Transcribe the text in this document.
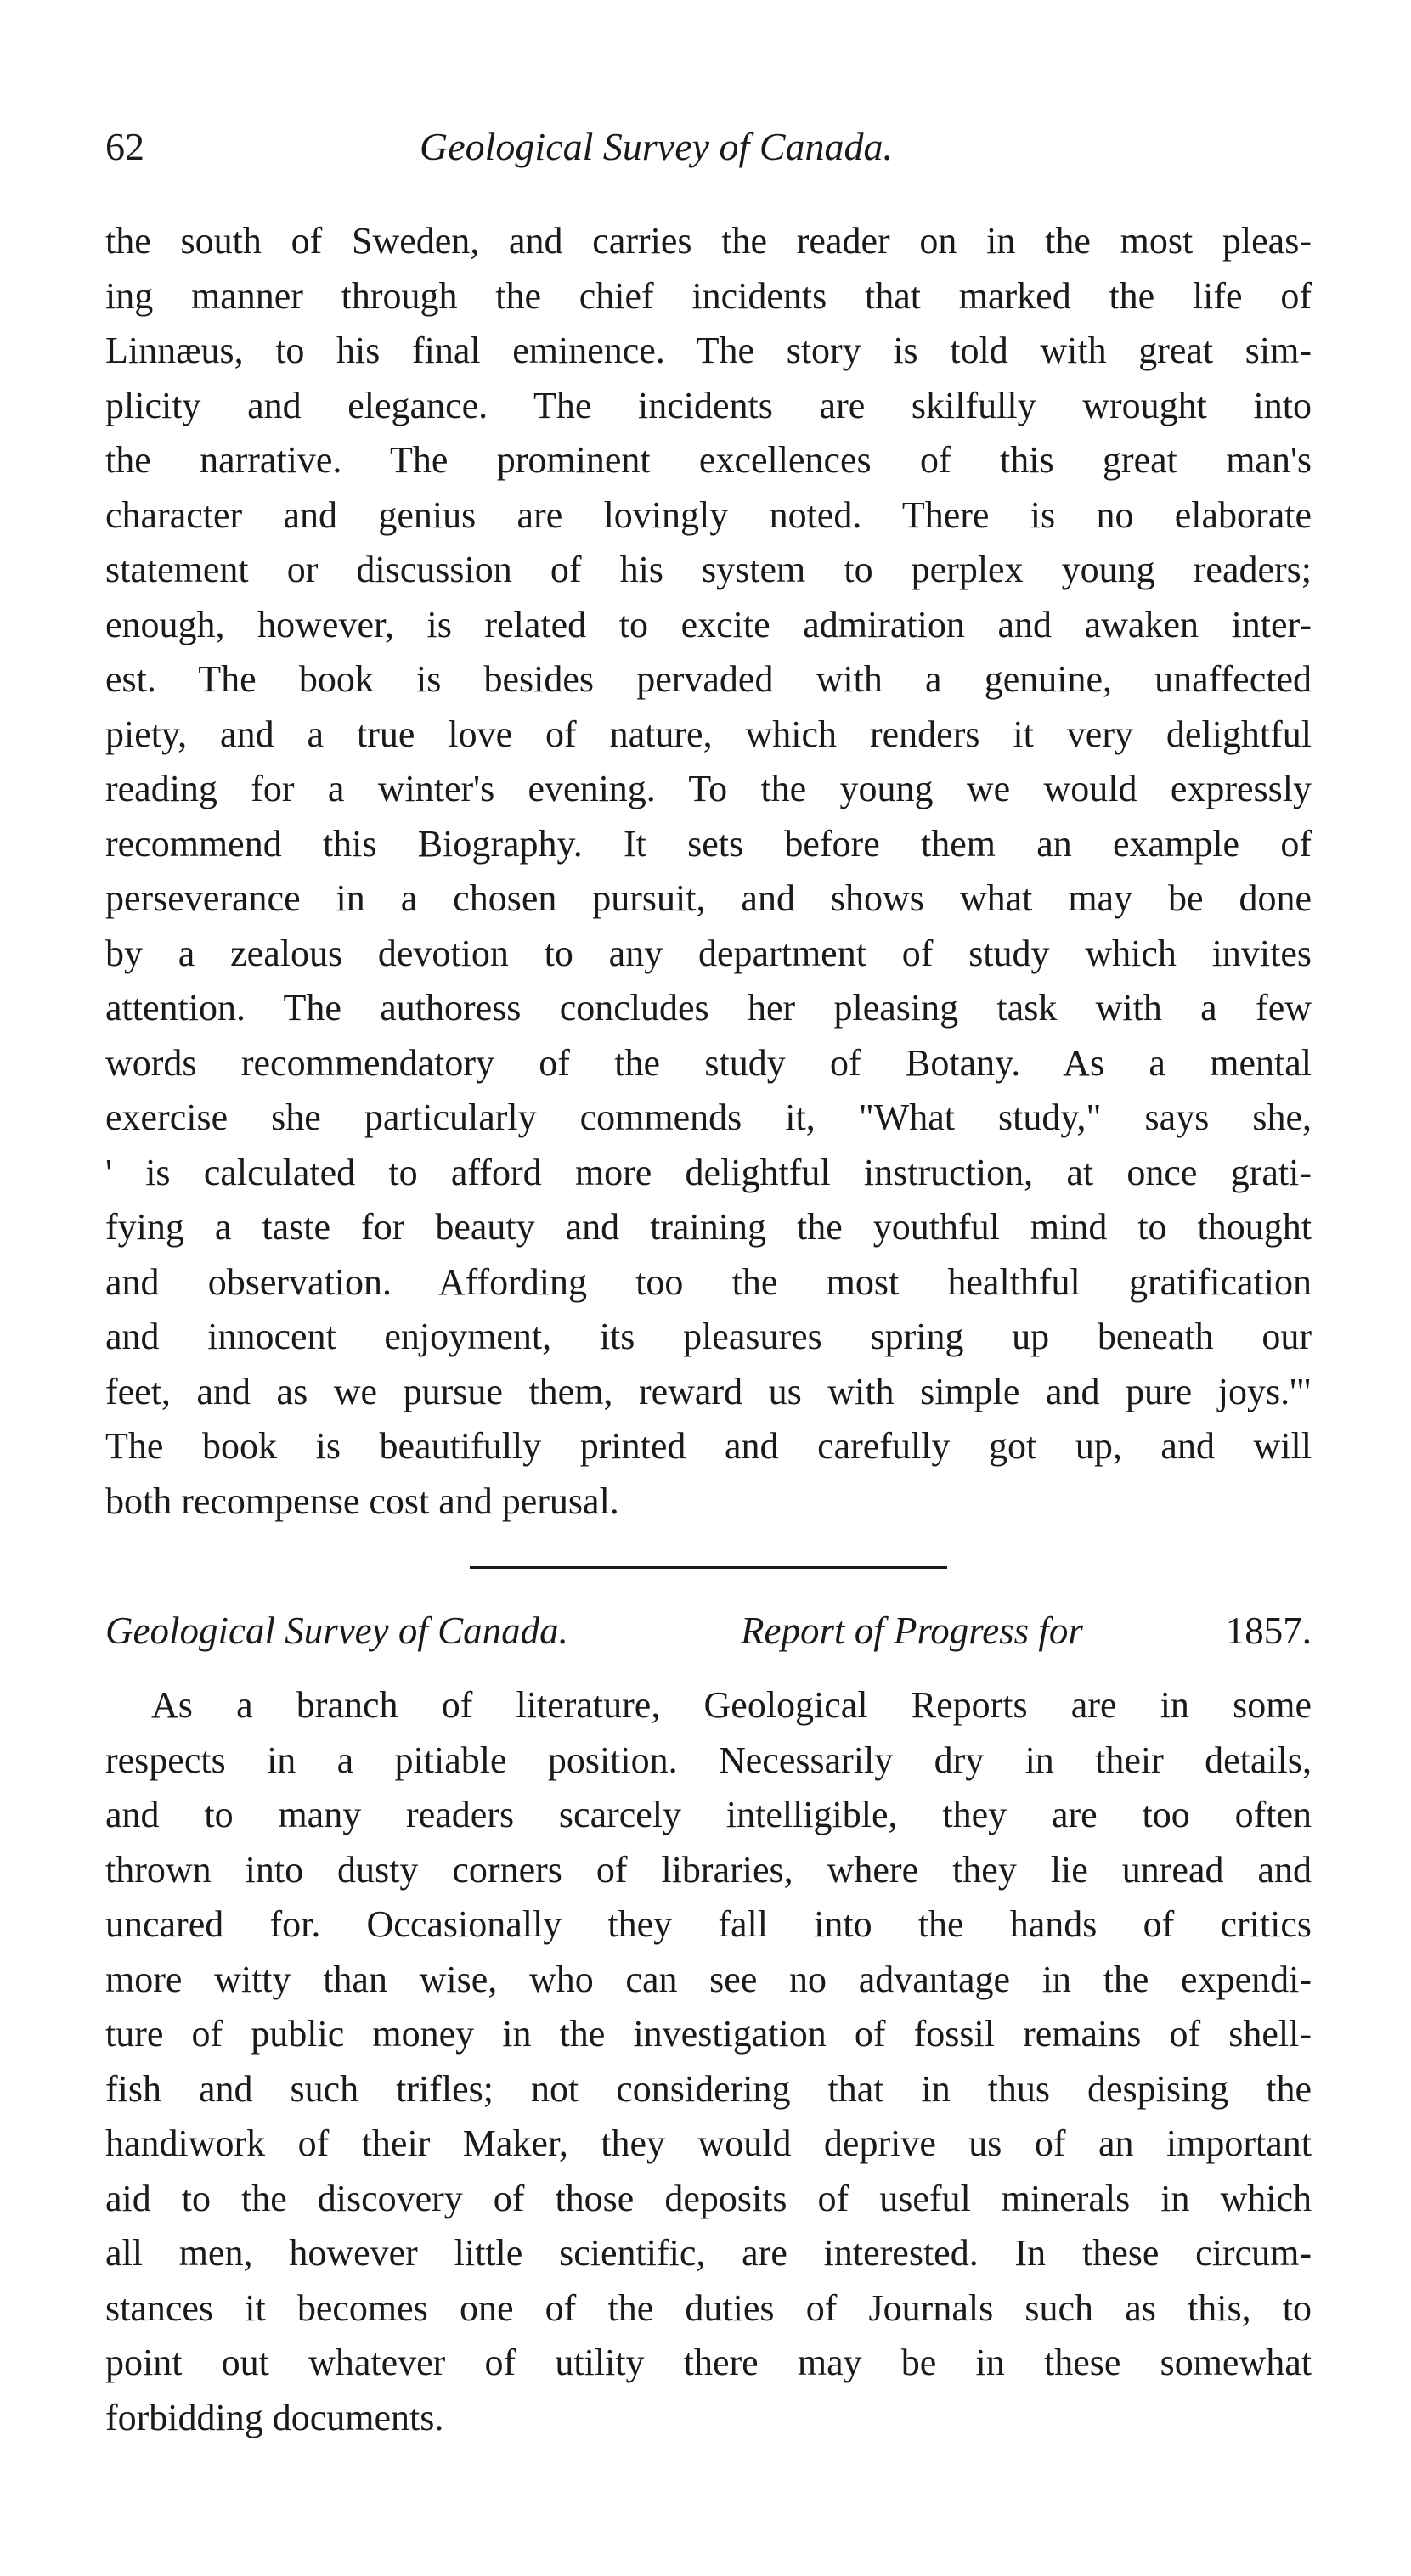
62	Geological Survey of Canada.
the south of Sweden, and carries the reader on in the most pleas-
ing manner through the chief incidents that marked the life of
Linnæus, to his final eminence. The story is told with great sim-
plicity and elegance. The incidents are skilfully wrought into
the narrative. The prominent excellences of this great man's
character and genius are lovingly noted. There is no elaborate
statement or discussion of his system to perplex young readers;
enough, however, is related to excite admiration and awaken inter-
est. The book is besides pervaded with a genuine, unaffected
piety, and a true love of nature, which renders it very delightful
reading for a winter's evening. To the young we would expressly
recommend this Biography. It sets before them an example of
perseverance in a chosen pursuit, and shows what may be done
by a zealous devotion to any department of study which invites
attention. The authoress concludes her pleasing task with a few
words recommendatory of the study of Botany. As a mental
exercise she particularly commends it, "What study," says she,
' is calculated to afford more delightful instruction, at once grati-
fying a taste for beauty and training the youthful mind to thought
and observation. Affording too the most healthful gratification
and innocent enjoyment, its pleasures spring up beneath our
feet, and as we pursue them, reward us with simple and pure joys.'"
The book is beautifully printed and carefully got up, and will
both recompense cost and perusal.
Geological Survey of Canada.	Report of Progress for	1857.
As a branch of literature, Geological Reports are in some
respects in a pitiable position. Necessarily dry in their details,
and to many readers scarcely intelligible, they are too often
thrown into dusty corners of libraries, where they lie unread and
uncared for. Occasionally they fall into the hands of critics
more witty than wise, who can see no advantage in the expendi-
ture of public money in the investigation of fossil remains of shell-
fish and such trifles; not considering that in thus despising the
handiwork of their Maker, they would deprive us of an important
aid to the discovery of those deposits of useful minerals in which
all men, however little scientific, are interested. In these circum-
stances it becomes one of the duties of Journals such as this, to
point out whatever of utility there may be in these somewhat
forbidding documents.
